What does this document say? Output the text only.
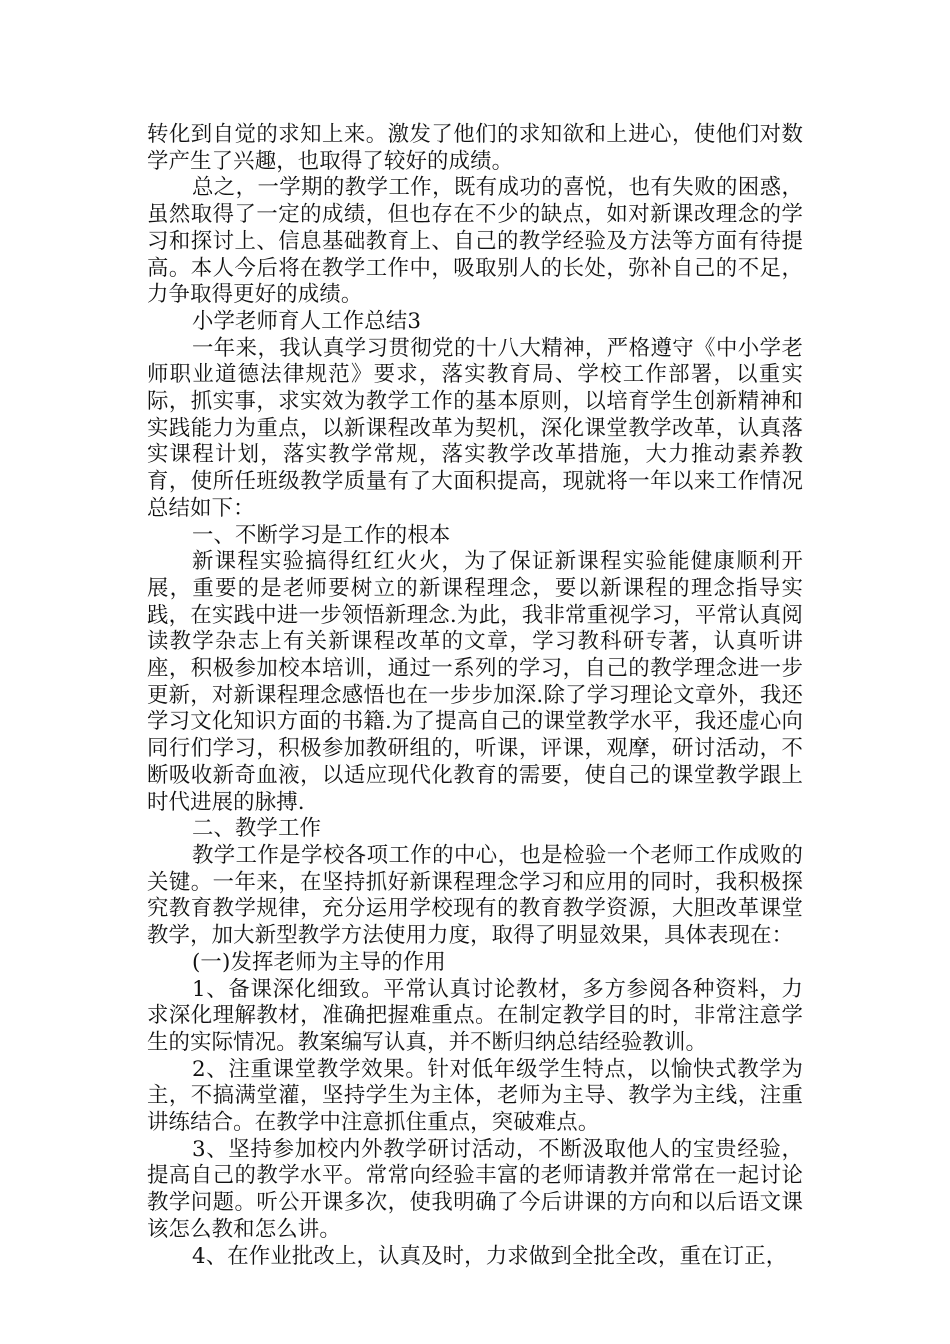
转化到自觉的求知上来。激发了他们的求知欲和上进心，使他们对数学产生了兴趣，也取得了较好的成绩。

总之，一学期的教学工作，既有成功的喜悦，也有失败的困惑，虽然取得了一定的成绩，但也存在不少的缺点，如对新课改理念的学习和探讨上、信息基础教育上、自己的教学经验及方法等方面有待提高。本人今后将在教学工作中，吸取别人的长处，弥补自己的不足，力争取得更好的成绩。

小学老师育人工作总结3

一年来，我认真学习贯彻党的十八大精神，严格遵守《中小学老师职业道德法律规范》要求，落实教育局、学校工作部署，以重实际，抓实事，求实效为教学工作的基本原则，以培育学生创新精神和实践能力为重点，以新课程改革为契机，深化课堂教学改革，认真落实课程计划，落实教学常规，落实教学改革措施，大力推动素养教育，使所任班级教学质量有了大面积提高，现就将一年以来工作情况总结如下：

一、不断学习是工作的根本

新课程实验搞得红红火火，为了保证新课程实验能健康顺利开展，重要的是老师要树立的新课程理念，要以新课程的理念指导实践，在实践中进一步领悟新理念.为此，我非常重视学习，平常认真阅读教学杂志上有关新课程改革的文章，学习教科研专著，认真听讲座，积极参加校本培训，通过一系列的学习，自己的教学理念进一步更新，对新课程理念感悟也在一步步加深.除了学习理论文章外，我还学习文化知识方面的书籍.为了提高自己的课堂教学水平，我还虚心向同行们学习，积极参加教研组的，听课，评课，观摩，研讨活动，不断吸收新奇血液，以适应现代化教育的需要，使自己的课堂教学跟上时代进展的脉搏.

二、教学工作

教学工作是学校各项工作的中心，也是检验一个老师工作成败的关键。一年来，在坚持抓好新课程理念学习和应用的同时，我积极探究教育教学规律，充分运用学校现有的教育教学资源，大胆改革课堂教学，加大新型教学方法使用力度，取得了明显效果，具体表现在：

(一)发挥老师为主导的作用

1、备课深化细致。平常认真讨论教材，多方参阅各种资料，力求深化理解教材，准确把握难重点。在制定教学目的时，非常注意学生的实际情况。教案编写认真，并不断归纳总结经验教训。

2、注重课堂教学效果。针对低年级学生特点，以愉快式教学为主，不搞满堂灌，坚持学生为主体，老师为主导、教学为主线，注重讲练结合。在教学中注意抓住重点，突破难点。

3、坚持参加校内外教学研讨活动，不断汲取他人的宝贵经验，提高自己的教学水平。常常向经验丰富的老师请教并常常在一起讨论教学问题。听公开课多次，使我明确了今后讲课的方向和以后语文课该怎么教和怎么讲。

4、在作业批改上，认真及时，力求做到全批全改，重在订正，
